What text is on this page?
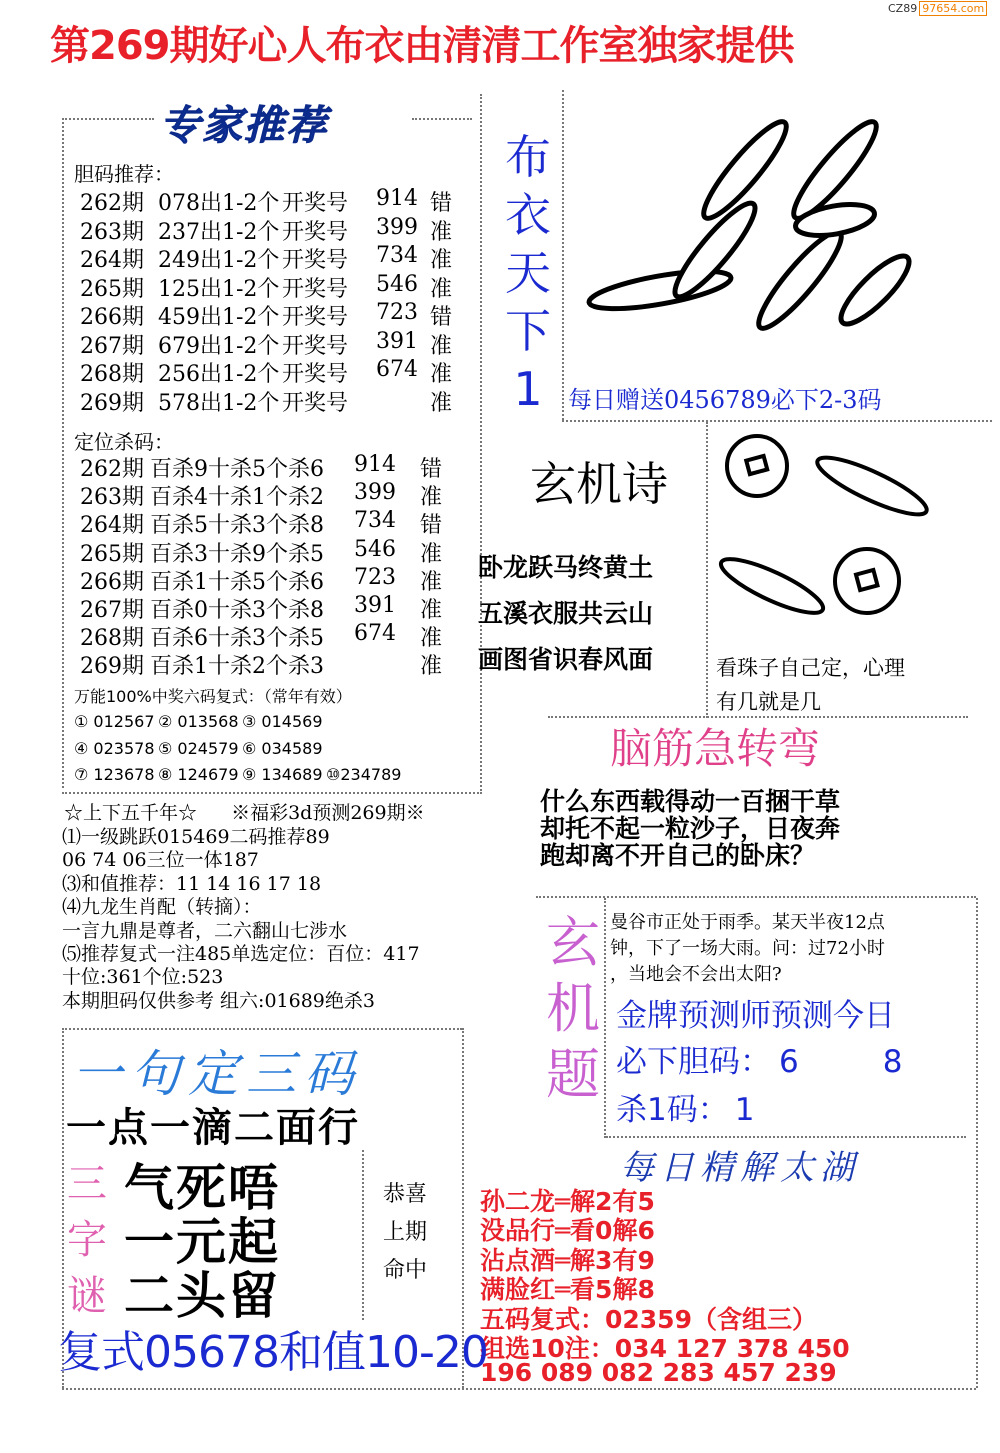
CZ89 97654.com
第269期好心人布衣由清清工作室独家提供
专家推荐
胆码推荐：
262期 078出1-2个 开奖号 914 错
263期 237出1-2个 开奖号 399 准
264期 249出1-2个 开奖号 734 准
265期 125出1-2个 开奖号 546 准
266期 459出1-2个 开奖号 723 错
267期 679出1-2个 开奖号 391 准
268期 256出1-2个 开奖号 674 准
269期 578出1-2个 开奖号	准
定位杀码：
262期 百杀9十杀5个杀6 914 错
263期 百杀4十杀1个杀2 399 准
264期 百杀5十杀3个杀8 734 错
265期 百杀3十杀9个杀5 546 准
266期 百杀1十杀5个杀6 723 准
267期 百杀0十杀3个杀8 391 准
268期 百杀6十杀3个杀5 674 准
269期 百杀1十杀2个杀3	准
万能100%中奖六码复式：（常年有效）
① 012567 ② 013568 ③ 014569
④ 023578 ⑤ 024579 ⑥ 034589
⑦ 123678 ⑧ 124679 ⑨ 134689 ⑩234789
布
衣
天
下
1	每日赠送0456789必下2-3码
玄机诗
卧龙跃马终黄土
五溪衣服共云山
画图省识春风面	看珠子自己定，心理
有几就是几
脑筋急转弯
什么东西载得动一百捆干草
却托不起一粒沙子，日夜奔
跑却离不开自己的卧床？
☆上下五千年☆ ※福彩3d预测269期※
⑴一级跳跃015469二码推荐89
06 74 06三位一体187
⑶和值推荐：11 14 16 17 18
⑷九龙生肖配（转摘）：
一言九鼎是尊者，二六翻山七涉水
⑸推荐复式一注485单选定位：百位：417
十位:361个位:523
本期胆码仅供参考 组六:01689绝杀3
玄
机
题
曼谷市正处于雨季。某天半夜12点
钟，下了一场大雨。问：过72小时
，当地会不会出太阳?
金牌预测师预测今日
必下胆码： 6	8
杀1码： 1
每日精解太湖
孙二龙═解2有5
没品行═看0解6
沾点酒═解3有9
满脸红═看5解8
五码复式：02359（含组三）
组选10注：034 127 378 450
196 089 082 283 457 239
一句定三码
一点一滴二面行
三
字
谜
气死唔
一元起
二头留
恭喜
上期
命中
复式05678和值10-20
